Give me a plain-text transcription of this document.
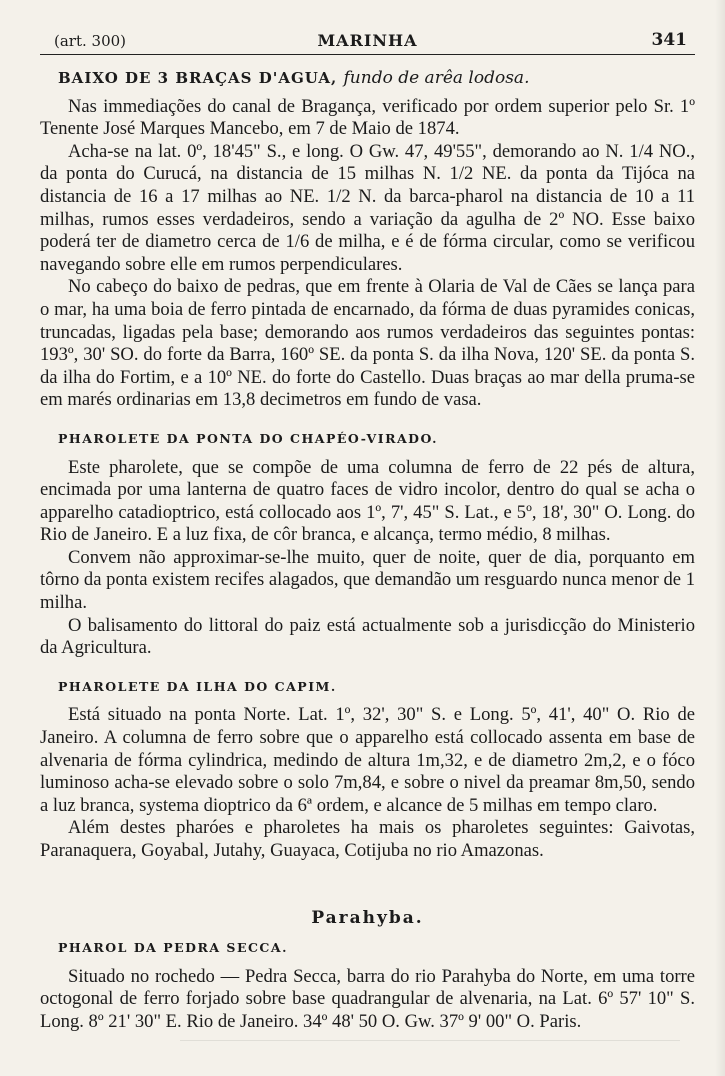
(art. 300)	MARINHA	341
BAIXO DE 3 BRAÇAS D'AGUA, fundo de arêa lodosa.

Nas immediações do canal de Bragança, verificado por ordem superior pelo Sr. 1º Tenente José Marques Mancebo, em 7 de Maio de 1874.

Acha-se na lat. 0º, 18'45" S., e long. O Gw. 47, 49'55", demorando ao N. 1/4 NO., da ponta do Curucá, na distancia de 15 milhas N. 1/2 NE. da ponta da Tijóca na distancia de 16 a 17 milhas ao NE. 1/2 N. da barca-pharol na distancia de 10 a 11 milhas, rumos esses verdadeiros, sendo a variação da agulha de 2º NO. Esse baixo poderá ter de diametro cerca de 1/6 de milha, e é de fórma circular, como se verificou navegando sobre elle em rumos perpendiculares.

No cabeço do baixo de pedras, que em frente à Olaria de Val de Cães se lança para o mar, ha uma boia de ferro pintada de encarnado, da fórma de duas pyramides conicas, truncadas, ligadas pela base; demorando aos rumos verdadeiros das seguintes pontas: 193º, 30' SO. do forte da Barra, 160º SE. da ponta S. da ilha Nova, 120' SE. da ponta S. da ilha do Fortim, e a 10º NE. do forte do Castello. Duas braças ao mar della pruma-se em marés ordinarias em 13,8 decimetros em fundo de vasa.

PHAROLETE DA PONTA DO CHAPÉO-VIRADO.

Este pharolete, que se compõe de uma columna de ferro de 22 pés de altura, encimada por uma lanterna de quatro faces de vidro incolor, dentro do qual se acha o apparelho catadioptrico, está collocado aos 1º, 7', 45" S. Lat., e 5º, 18', 30" O. Long. do Rio de Janeiro. E a luz fixa, de côr branca, e alcança, termo médio, 8 milhas.

Convem não approximar-se-lhe muito, quer de noite, quer de dia, porquanto em tôrno da ponta existem recifes alagados, que demandão um resguardo nunca menor de 1 milha.

O balisamento do littoral do paiz está actualmente sob a jurisdicção do Ministerio da Agricultura.

PHAROLETE DA ILHA DO CAPIM.

Está situado na ponta Norte. Lat. 1º, 32', 30" S. e Long. 5º, 41', 40" O. Rio de Janeiro. A columna de ferro sobre que o apparelho está collocado assenta em base de alvenaria de fórma cylindrica, medindo de altura 1m,32, e de diametro 2m,2, e o fóco luminoso acha-se elevado sobre o solo 7m,84, e sobre o nivel da preamar 8m,50, sendo a luz branca, systema dioptrico da 6ª ordem, e alcance de 5 milhas em tempo claro.

Além destes pharóes e pharoletes ha mais os pharoletes seguintes: Gaivotas, Paranaquera, Goyabal, Jutahy, Guayaca, Cotijuba no rio Amazonas.

Parahyba.
PHAROL DA PEDRA SECCA.

Situado no rochedo — Pedra Secca, barra do rio Parahyba do Norte, em uma torre octogonal de ferro forjado sobre base quadrangular de alvenaria, na Lat. 6º 57' 10" S. Long. 8º 21' 30" E. Rio de Janeiro. 34º 48' 50 O. Gw. 37º 9' 00" O. Paris.
